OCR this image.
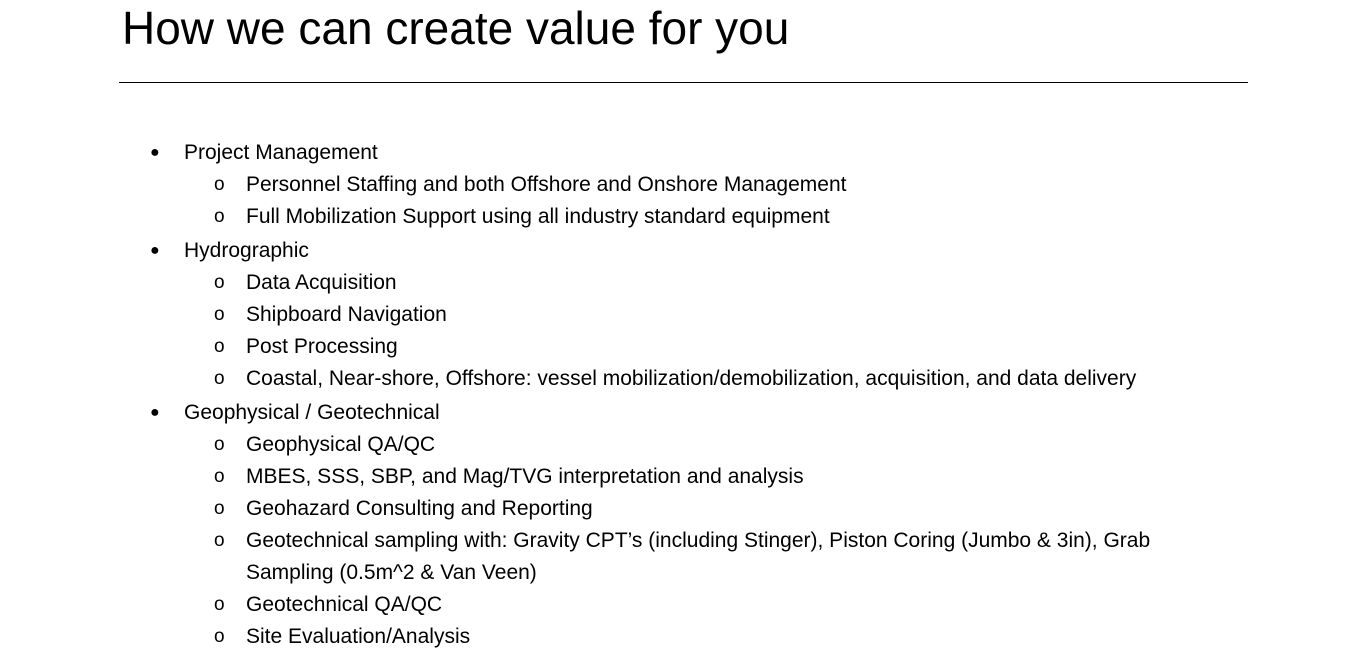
How we can create value for you
● Project Management
o Personnel Staffing and both Offshore and Onshore Management
o Full Mobilization Support using all industry standard equipment
● Hydrographic
o Data Acquisition
o Shipboard Navigation
o Post Processing
o Coastal, Near-shore, Offshore: vessel mobilization/demobilization, acquisition, and data delivery
● Geophysical / Geotechnical
o Geophysical QA/QC
o MBES, SSS, SBP, and Mag/TVG interpretation and analysis
o Geohazard Consulting and Reporting
o Geotechnical sampling with: Gravity CPT’s (including Stinger), Piston Coring (Jumbo & 3in), Grab Sampling (0.5m^2 & Van Veen)
o Geotechnical QA/QC
o Site Evaluation/Analysis
